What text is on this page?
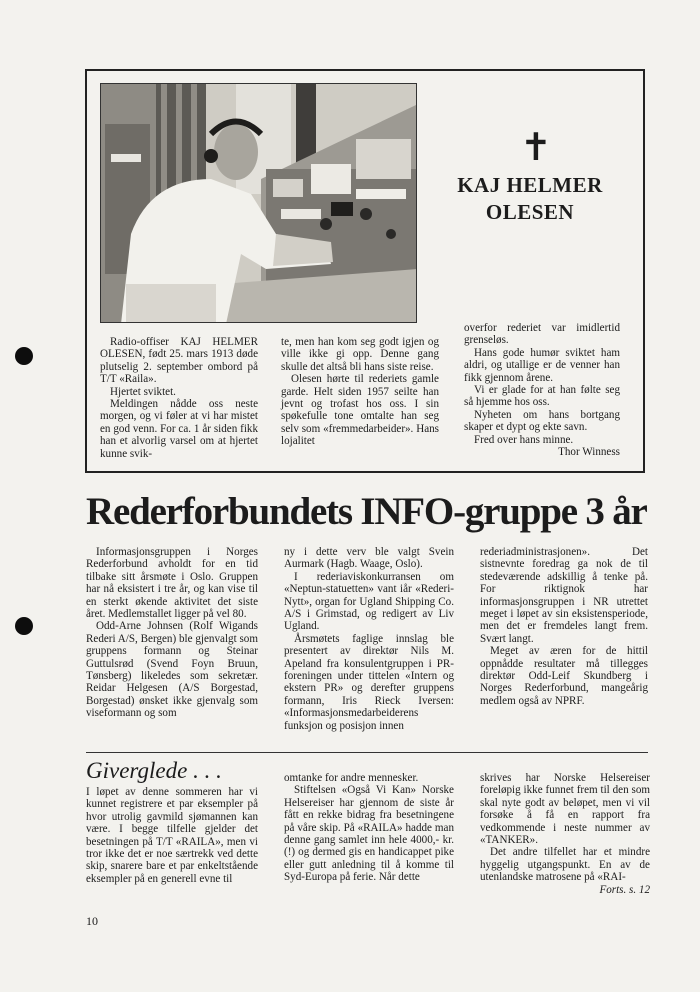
✝
KAJ HELMER
OLESEN

Radio-offiser KAJ HELMER OLESEN, født 25. mars 1913 døde plutselig 2. september ombord på T/T «Raila».

Hjertet sviktet.

Meldingen nådde oss neste morgen, og vi føler at vi har mistet en god venn. For ca. 1 år siden fikk han et alvorlig varsel om at hjertet kunne svik-

te, men han kom seg godt igjen og ville ikke gi opp. Denne gang skulle det altså bli hans siste reise.

Olesen hørte til rederiets gamle garde. Helt siden 1957 seilte han jevnt og trofast hos oss. I sin spøkefulle tone omtalte han seg selv som «fremmedarbeider». Hans lojalitet

overfor rederiet var imidlertid grenseløs.

Hans gode humør sviktet ham aldri, og utallige er de venner han fikk gjennom årene.

Vi er glade for at han følte seg så hjemme hos oss.

Nyheten om hans bortgang skaper et dypt og ekte savn.

Fred over hans minne.

Thor Winness

Rederforbundets INFO-gruppe 3 år

Informasjonsgruppen i Norges Rederforbund avholdt for en tid tilbake sitt årsmøte i Oslo. Gruppen har nå eksistert i tre år, og kan vise til en sterkt økende aktivitet det siste året. Medlemstallet ligger på vel 80.

Odd-Arne Johnsen (Rolf Wigands Rederi A/S, Bergen) ble gjenvalgt som gruppens formann og Steinar Guttulsrød (Svend Foyn Bruun, Tønsberg) likeledes som sekretær. Reidar Helgesen (A/S Borgestad, Borgestad) ønsket ikke gjenvalg som viseformann og som

ny i dette verv ble valgt Svein Aurmark (Hagb. Waage, Oslo).

I rederiaviskonkurransen om «Neptun-statuetten» vant iår «Rederi-Nytt», organ for Ugland Shipping Co. A/S i Grimstad, og redigert av Liv Ugland.

Årsmøtets faglige innslag ble presentert av direktør Nils M. Apeland fra konsulentgruppen i PR-foreningen under tittelen «Intern og ekstern PR» og derefter gruppens formann, Iris Rieck Iversen: «Informasjonsmedarbeiderens funksjon og posisjon innen

rederiadministrasjonen». Det sistnevnte foredrag ga nok de til stedeværende adskillig å tenke på. For riktignok har informasjonsgruppen i NR utrettet meget i løpet av sin eksistensperiode, men det er fremdeles langt frem. Svært langt.

Meget av æren for de hittil oppnådde resultater må tillegges direktør Odd-Leif Skundberg i Norges Rederforbund, mangeårig medlem også av NPRF.

Giverglede . . .

I løpet av denne sommeren har vi kunnet registrere et par eksempler på hvor utrolig gavmild sjømannen kan være. I begge tilfelle gjelder det besetningen på T/T «RAILA», men vi tror ikke det er noe særtrekk ved dette skip, snarere bare et par enkeltstående eksempler på en generell evne til

omtanke for andre mennesker.

Stiftelsen «Også Vi Kan» Norske Helsereiser har gjennom de siste år fått en rekke bidrag fra besetningene på våre skip. På «RAILA» hadde man denne gang samlet inn hele 4000,- kr. (!) og dermed gis en handicappet pike eller gutt anledning til å komme til Syd-Europa på ferie. Når dette

skrives har Norske Helsereiser foreløpig ikke funnet frem til den som skal nyte godt av beløpet, men vi vil forsøke å få en rapport fra vedkommende i neste nummer av «TANKER».

Det andre tilfellet har et mindre hyggelig utgangspunkt. En av de utenlandske matrosene på «RAI-

Forts. s. 12

10
